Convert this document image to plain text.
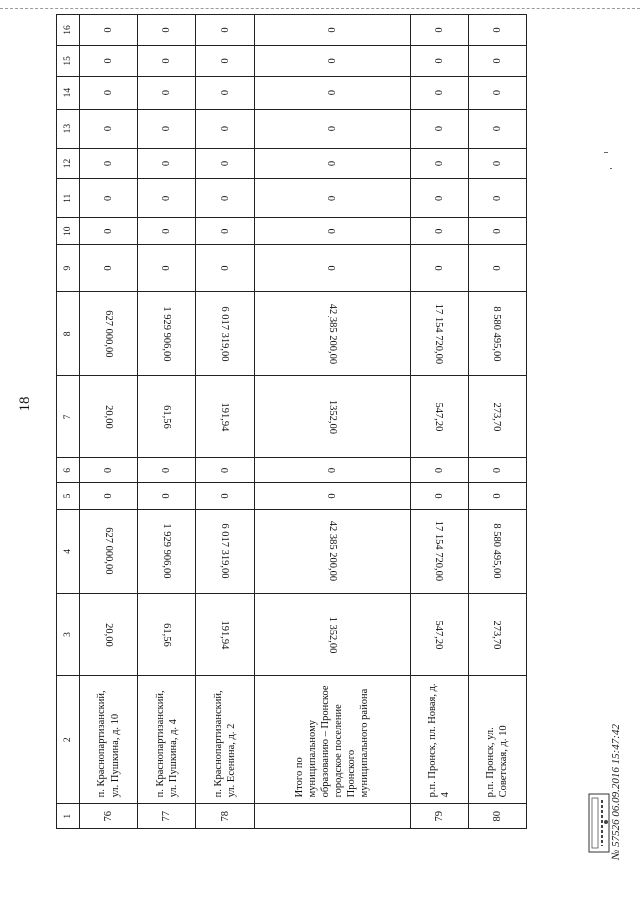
18
1	2	3	4	5	6	7	8	9	10	11	12	13	14	15	16
76	п. Краснопартизанский, ул. Пушкина, д. 10	20,00	627 000,00	0	0	20,00	627 000,00	0	0	0	0	0	0	0	0
77	п. Краснопартизанский, ул. Пушкина, д. 4	61,56	1 929 906,00	0	0	61,56	1 929 906,00	0	0	0	0	0	0	0	0
78	п. Краснопартизанский, ул. Есенина, д. 2	191,94	6 017 319,00	0	0	191,94	6 017 319,00	0	0	0	0	0	0	0	0
	Итого по муниципальному образованию – Пронское городское поселение Пронского муниципального района	1 352,00	42 385 200,00	0	0	1352,00	42 385 200,00	0	0	0	0	0	0	0	0
79	р.п. Пронск, пл. Новая, д. 4	547,20	17 154 720,00	0	0	547,20	17 154 720,00	0	0	0	0	0	0	0	0
80	р.п. Пронск, ул. Советская, д. 10	273,70	8 580 495,00	0	0	273,70	8 580 495,00	0	0	0	0	0	0	0	0
№ 57526 06.09.2016 15:47:42
